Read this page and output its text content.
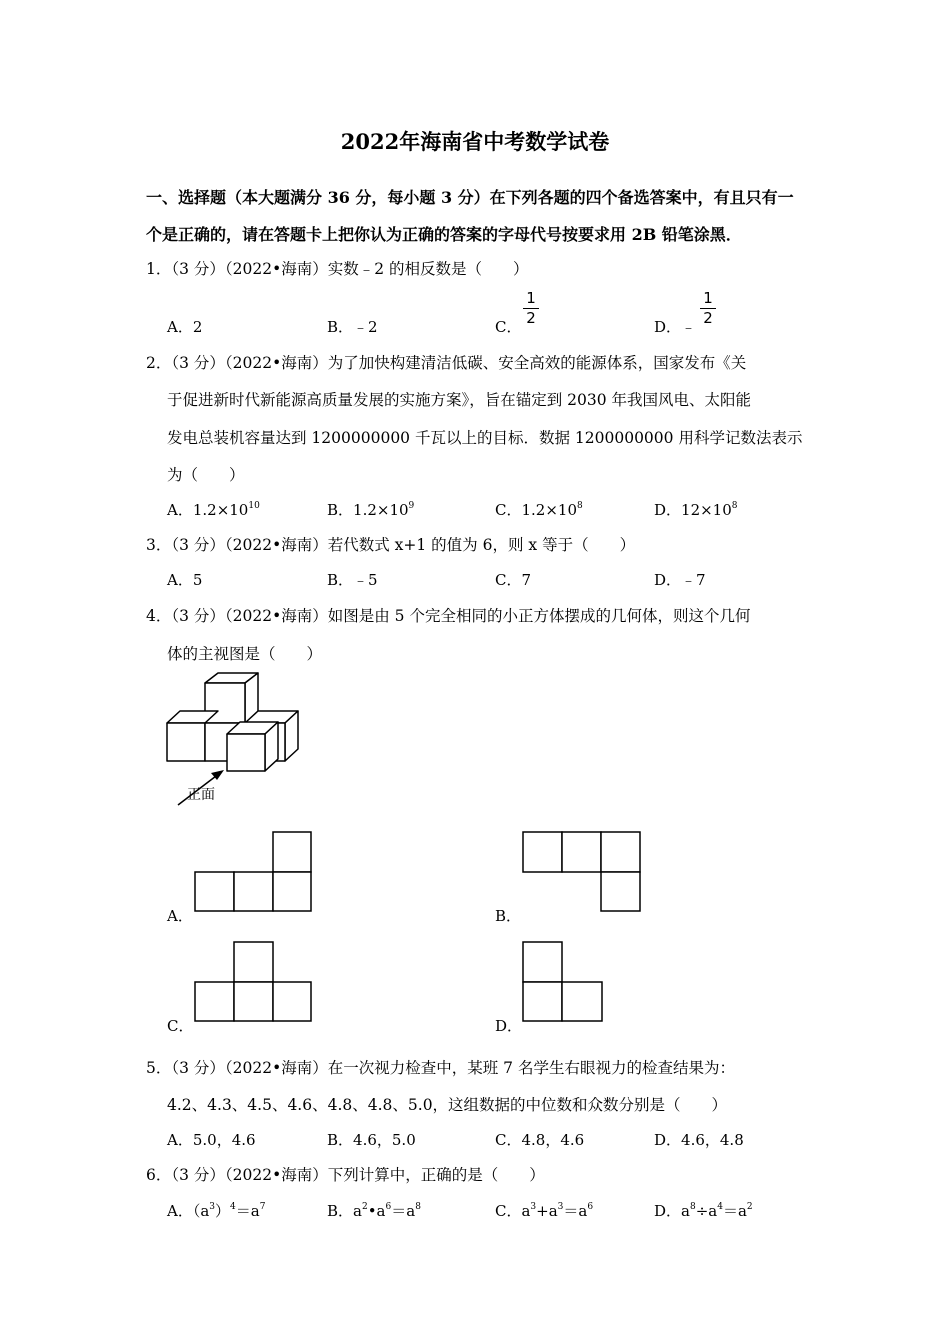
2022年海南省中考数学试卷
一、选择题（本大题满分 36 分，每小题 3 分）在下列各题的四个备选答案中，有且只有一
个是正确的，请在答题卡上把你认为正确的答案的字母代号按要求用 2B 铅笔涂黑．
1．（3 分）（2022•海南）实数﹣2 的相反数是（　　）
A．2	B．﹣2	C．
1
2	D．﹣
1
2
2．（3 分）（2022•海南）为了加快构建清洁低碳、安全高效的能源体系，国家发布《关
于促进新时代新能源高质量发展的实施方案》，旨在锚定到 2030 年我国风电、太阳能
发电总装机容量达到 1200000000 千瓦以上的目标．数据 1200000000 用科学记数法表示
为（　　）
A．$1.2\times 10^{10}$	B．$1.2\times 10^9$	C．$1.2\times 10^8$	D．$12\times 10^8$
3．（3 分）（2022•海南）若代数式 x+1 的值为 6，则 x 等于（　　）
A．5	B．﹣5	C．7	D．﹣7
4．（3 分）（2022•海南）如图是由 5 个完全相同的小正方体摆成的几何体，则这个几何
体的主视图是（　　）
正面
A．	B．
C．	D．
5．（3 分）（2022•海南）在一次视力检查中，某班 7 名学生右眼视力的检查结果为：
4.2、4.3、4.5、4.6、4.8、4.8、5.0，这组数据的中位数和众数分别是（　　）
A．5.0，4.6	B．4.6，5.0	C．4.8，4.6	D．4.6，4.8
6．（3 分）（2022•海南）下列计算中，正确的是（　　）
A．$(a^3)^4=a^7$	B．$a^2•a^6=a^8$	C．$a^3+a^3=a^6$	D．$a^8\div a^4=a^2$
